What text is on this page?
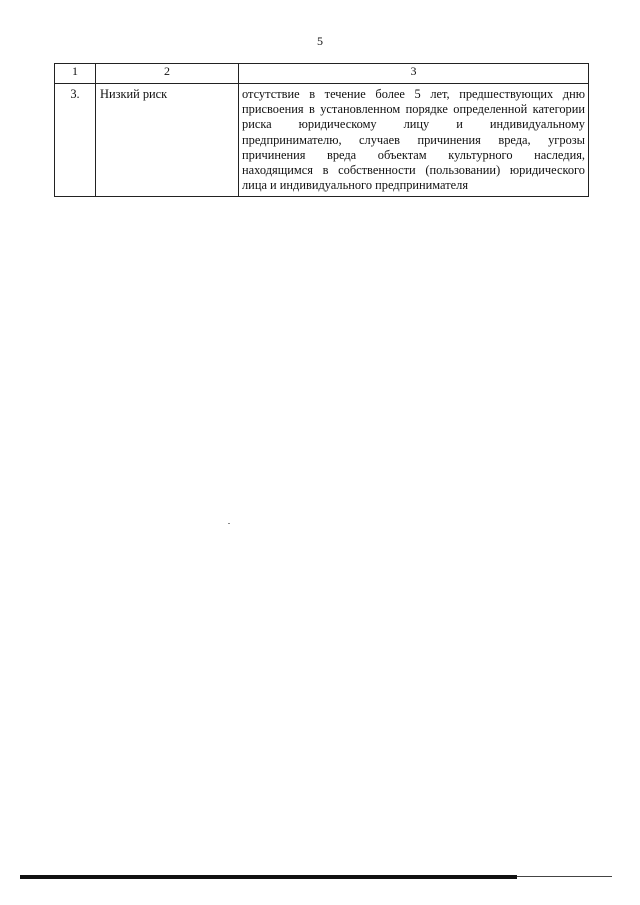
5
1	2	3
3.	Низкий риск	отсутствие в течение более 5 лет, предшествующих дню присвоения в установленном порядке определенной категории риска юридическому лицу и индивидуальному предпринимателю, случаев причинения вреда, угрозы причинения вреда объектам культурного наследия, находящимся в собственности (пользовании) юридического лица и индивидуального предпринимателя
